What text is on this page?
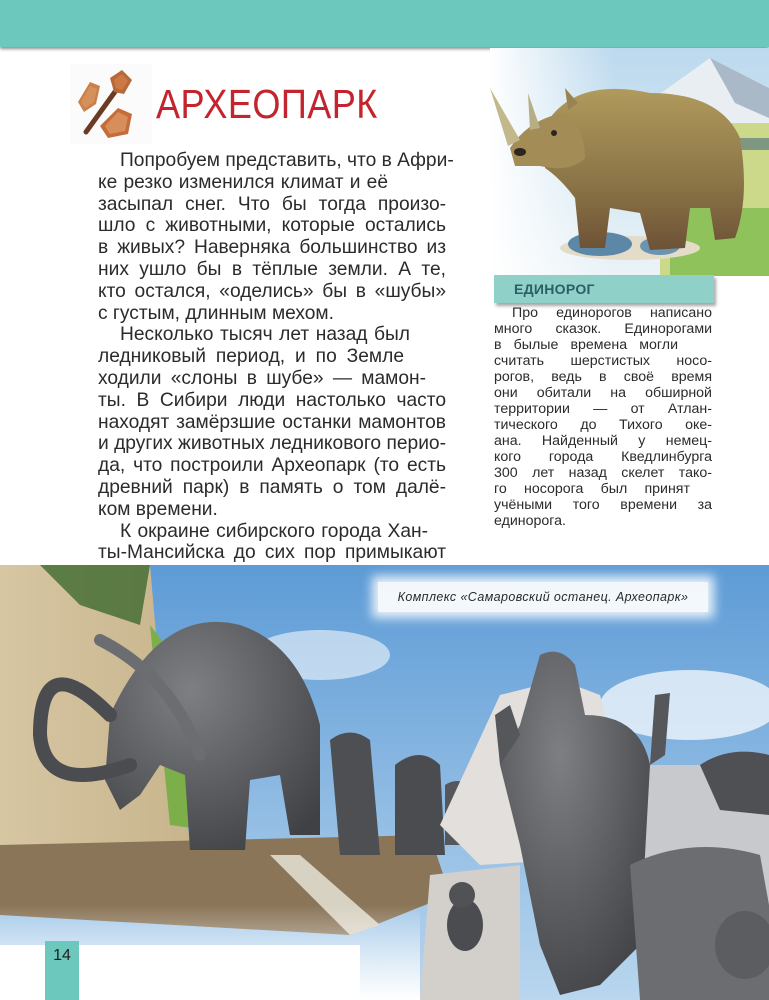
АРХЕОПАРК
Попробуем представить, что в Афри-
ке резко изменился климат и её
засыпал снег. Что бы тогда произо-
шло с животными, которые остались
в живых? Наверняка большинство из
них ушло бы в тёплые земли. А те,
кто остался, «оделись» бы в «шубы»
с густым, длинным мехом.
Несколько тысяч лет назад был
ледниковый период, и по Земле
ходили «слоны в шубе» — мамон-
ты. В Сибири люди настолько часто
находят замёрзшие останки мамонтов
и других животных ледникового перио-
да, что построили Археопарк (то есть
древний парк) в память о том далё-
ком времени.
К окраине сибирского города Хан-
ты-Мансийска до сих пор примыкают
ЕДИНОРОГ
Про единорогов написано
много сказок. Единорогами
в былые времена могли
считать шерстистых носо-
рогов, ведь в своё время
они обитали на обширной
территории — от Атлан-
тического до Тихого оке-
ана. Найденный у немец-
кого города Кведлинбурга
300 лет назад скелет тако-
го носорога был принят
учёными того времени за
единорога.
Комплекс «Самаровский останец. Археопарк»
14
